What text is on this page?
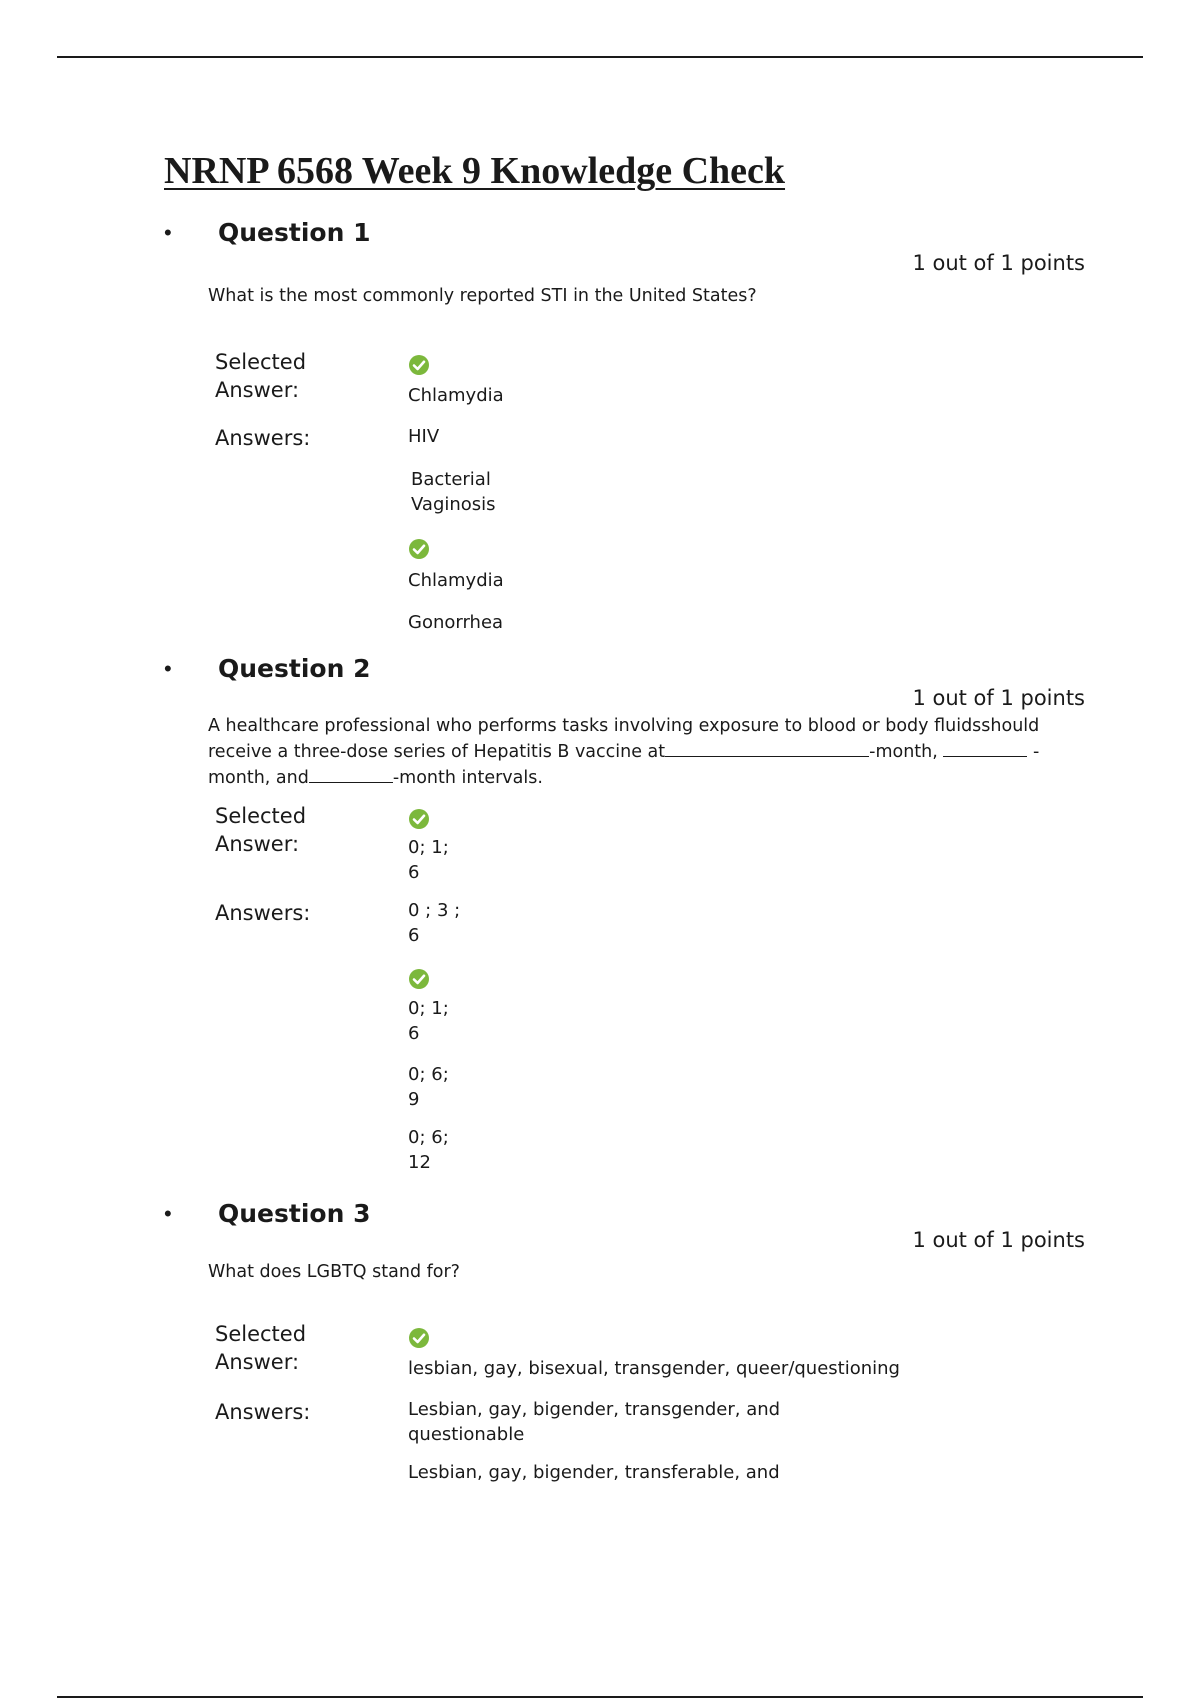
NRNP 6568 Week 9 Knowledge Check
• Question 1
1 out of 1 points
What is the most commonly reported STI in the United States?
Selected
Answer:	Chlamydia
Answers:	HIV
Bacterial
Vaginosis
Chlamydia
Gonorrhea
• Question 2
1 out of 1 points
A healthcare professional who performs tasks involving exposure to blood or body fluidsshould receive a three-dose series of Hepatitis B vaccine at	-month,	-month, and	-month intervals.
Selected
Answer:	0; 1;
6
Answers:	0 ; 3 ;
6
0; 1;
6
0; 6;
9
0; 6;
12
• Question 3
1 out of 1 points
What does LGBTQ stand for?
Selected
Answer:	lesbian, gay, bisexual, transgender, queer/questioning
Answers:	Lesbian, gay, bigender, transgender, and
questionable
Lesbian, gay, bigender, transferable, and
